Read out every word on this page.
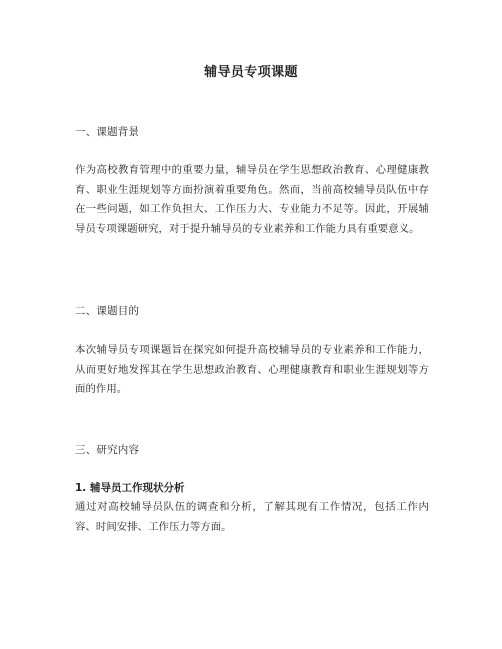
辅导员专项课题
一、课题背景

作为高校教育管理中的重要力量，辅导员在学生思想政治教育、心理健康教育、职业生涯规划等方面扮演着重要角色。然而，当前高校辅导员队伍中存在一些问题，如工作负担大、工作压力大、专业能力不足等。因此，开展辅导员专项课题研究，对于提升辅导员的专业素养和工作能力具有重要意义。

二、课题目的

本次辅导员专项课题旨在探究如何提升高校辅导员的专业素养和工作能力，从而更好地发挥其在学生思想政治教育、心理健康教育和职业生涯规划等方面的作用。

三、研究内容
1. 辅导员工作现状分析

通过对高校辅导员队伍的调查和分析，了解其现有工作情况，包括工作内容、时间安排、工作压力等方面。
